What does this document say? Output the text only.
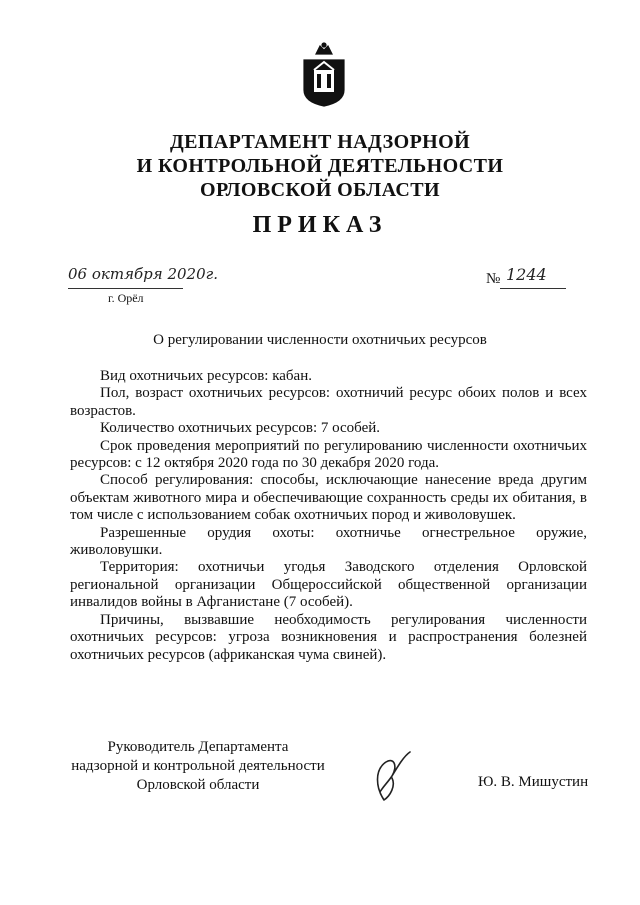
ДЕПАРТАМЕНТ НАДЗОРНОЙ
И КОНТРОЛЬНОЙ ДЕЯТЕЛЬНОСТИ
ОРЛОВСКОЙ ОБЛАСТИ
ПРИКАЗ
06 октября 2020г.
г. Орёл
№ 1244
О регулировании численности охотничьих ресурсов

Вид охотничьих ресурсов: кабан.

Пол, возраст охотничьих ресурсов: охотничий ресурс обоих полов и всех возрастов.

Количество охотничьих ресурсов: 7 особей.

Срок проведения мероприятий по регулированию численности охотничьих ресурсов: с 12 октября 2020 года по 30 декабря 2020 года.

Способ регулирования: способы, исключающие нанесение вреда другим объектам животного мира и обеспечивающие сохранность среды их обитания, в том числе с использованием собак охотничьих пород и живоловушек.

Разрешенные орудия охоты: охотничье огнестрельное оружие, живоловушки.

Территория: охотничьи угодья Заводского отделения Орловской региональной организации Общероссийской общественной организации инвалидов войны в Афганистане (7 особей).

Причины, вызвавшие необходимость регулирования численности охотничьих ресурсов: угроза возникновения и распространения болезней охотничьих ресурсов (африканская чума свиней).

Руководитель Департамента
надзорной и контрольной деятельности
Орловской области	Ю. В. Мишустин
